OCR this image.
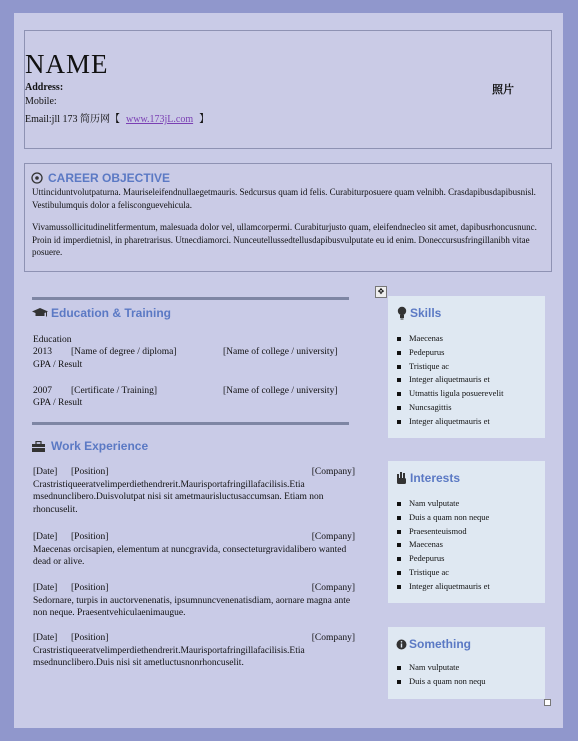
NAME
Address:
Mobile:
Email:jll 173 简历网【 www.173jL.com 】
照片
CAREER OBJECTIVE

Uttinciduntvolutpaturna. Mauriseleifendnullaegetmauris. Sedcursus quam id felis. Curabiturposuere quam velnibh. Crasdapibusdapibusnisl. Vestibulumquis dolor a felisconguevehicula.

Vivamussollicitudinelitfermentum, malesuada dolor vel, ullamcorpermi. Curabiturjusto quam, eleifendnecleo sit amet, dapibusrhoncusnunc. Proin id imperdietnisl, in pharetrarisus. Utnecdiamorci. Nunceutellussedtellusdapibusvulputate eu id enim. Doneccursusfringillanibh vitae posuere.

✥
Education & Training
Education
2013 [Name of degree / diploma]	[Name of college / university]
GPA / Result
2007 [Certificate / Training]	[Name of college / university]
GPA / Result
Work Experience
[Date] [Position]	[Company]
Crastristiqueeratvelimperdiethendrerit.Maurisportafringillafacilisis.Etia msednunclibero.Duisvolutpat nisi sit ametmaurisluctusaccumsan. Etiam non rhoncuselit.
[Date] [Position]	[Company]
Maecenas orcisapien, elementum at nuncgravida, consecteturgravidalibero wanted dead or alive.
[Date] [Position]	[Company]
Sedornare, turpis in auctorvenenatis, ipsumnuncvenenatisdiam, aornare magna ante non neque. Praesentvehiculaenimaugue.
[Date] [Position]	[Company]
Crastristiqueeratvelimperdiethendrerit.Maurisportafringillafacilisis.Etia msednunclibero.Duis nisi sit ametluctusnonrhoncuselit.
Skills
Maecenas
Pedepurus
Tristique ac
Integer aliquetmauris et
Utmattis ligula posuerevelit
Nuncsagittis
Integer aliquetmauris et
Interests
Nam vulputate
Duis a quam non neque
Praesenteuismod
Maecenas
Pedepurus
Tristique ac
Integer aliquetmauris et
Something
Nam vulputate
Duis a quam non nequ
